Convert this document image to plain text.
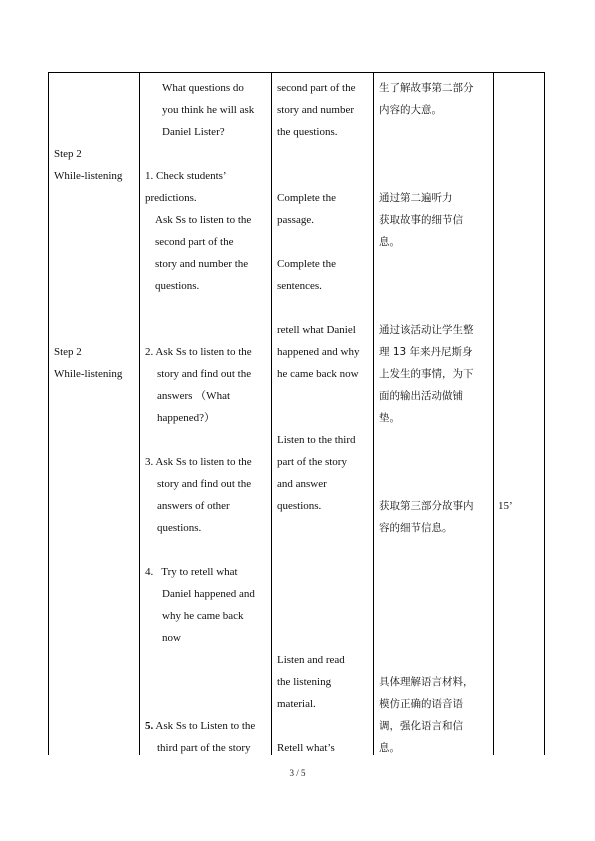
Step 2
While-listening
Step 2
While-listening
What questions do
you think he will ask
Daniel Lister?
1. Check students’
predictions.
Ask Ss to listen to the
second part of the
story and number the
questions.
2. Ask Ss to listen to the
story and find out the
answers （What
happened?）
3. Ask Ss to listen to the
story and find out the
answers of other
questions.
4.   Try to retell what
Daniel happened and
why he came back
now
5. Ask Ss to Listen to the
third part of the story
second part of the
story and number
the questions.
Complete the
passage.
Complete the
sentences.
retell what Daniel
happened and why
he came back now
Listen to the third
part of the story
and answer
questions.
Listen and read
the listening
material.
Retell what’s
生了解故事第二部分
内容的大意。
通过第二遍听力
获取故事的细节信
息。
通过该活动让学生整
理 13 年来丹尼斯身
上发生的事情，为下
面的输出活动做铺
垫。
获取第三部分故事内
容的细节信息。
具体理解语言材料，
模仿正确的语音语
调，强化语言和信
息。
15’
3 / 5
